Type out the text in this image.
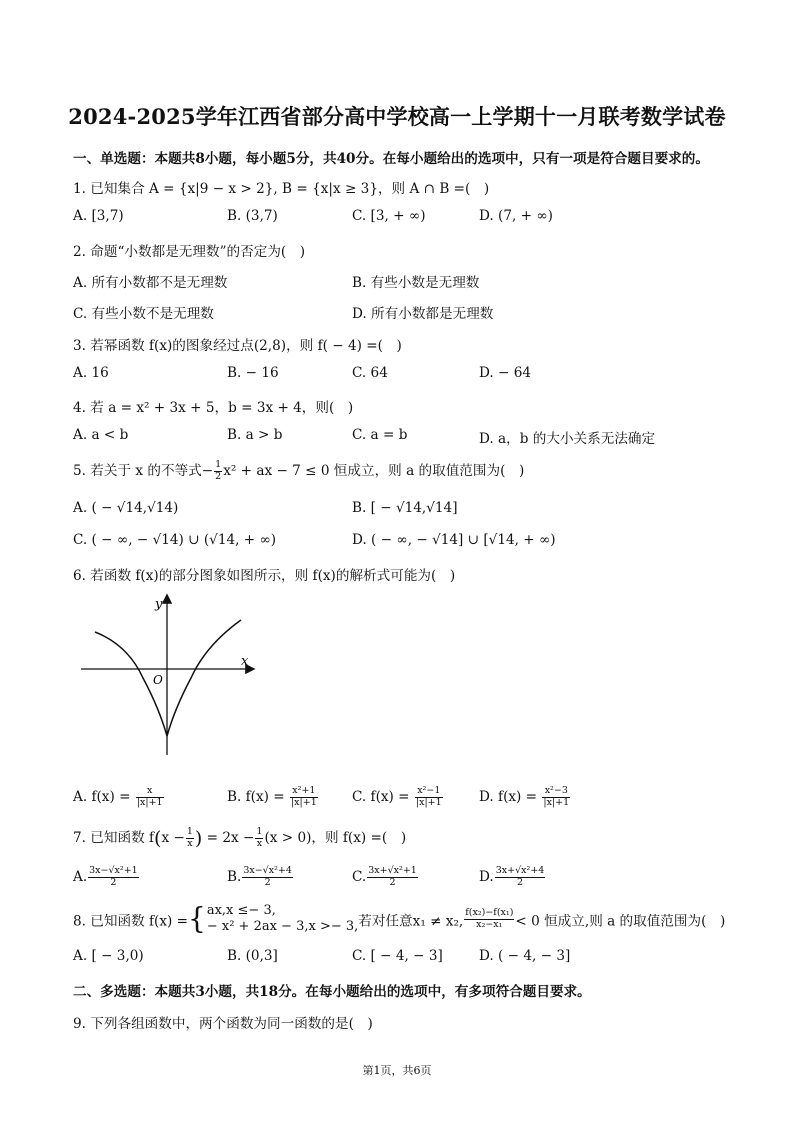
2024-2025学年江西省部分高中学校高一上学期十一月联考数学试卷
一、单选题：本题共8小题，每小题5分，共40分。在每小题给出的选项中，只有一项是符合题目要求的。
1. 已知集合 A = {x|9 − x > 2}, B = {x|x ≥ 3}，则 A ∩ B =(　)
A. [3,7)	B. (3,7)	C. [3, + ∞)	D. (7, + ∞)
2. 命题“小数都是无理数”的否定为(　)
A. 所有小数都不是无理数	B. 有些小数是无理数
C. 有些小数不是无理数	D. 所有小数都是无理数
3. 若幂函数 f(x)的图象经过点(2,8)，则 f( − 4) =(　)
A. 16	B. − 16	C. 64	D. − 64
4. 若 a = x² + 3x + 5，b = 3x + 4，则(　)
A. a < b	B. a > b	C. a = b	D. a，b 的大小关系无法确定
5. 若关于 x 的不等式− $\frac{1}{2} x^2$ + ax − 7 ≤ 0 恒成立，则 a 的取值范围为(　)
A. ( − √14,√14)	B. [ − √14,√14]
C. ( − ∞, − √14) ∪ (√14, + ∞)	D. ( − ∞, − √14] ∪ [√14, + ∞)
6. 若函数 f(x)的部分图象如图所示，则 f(x)的解析式可能为(　)
y
x
O
A. $f(x) = \frac{x}{|x|+1}$	B. $f(x) = \frac{\text{x²+1}}{|x|+1}$	C. $f(x) = \frac{\text{x²−1}}{|x|+1}$	D. $f(x) = \frac{\text{x²−3}}{|x|+1}$
7. 已知函数 $f(x - \frac{1}{x}$ ) = $2x - \frac{1}{x} (x > 0)$，则 f(x) =(　)
A. $\frac{\text{3x−√x²+1}}{2}$	B. $\frac{\text{3x−√x²+4}}{2}$	C. $\frac{\text{3x+√x²+1}}{2}$	D. $\frac{\text{3x+√x²+4}}{2}$
8. 已知函数 f(x) ={ ax,x ≤− 3,
− x² + 2ax − 3,x >− 3, 若对任意x₁ ≠ x₂, $\frac{\text{f(x₂)−f(x₁)}}{\text{x₂−x₁}} < 0$ 恒成立,则 a 的取值范围为(　)
A. [ − 3,0)	B. (0,3]	C. [ − 4, − 3]	D. ( − 4, − 3]
二、多选题：本题共3小题，共18分。在每小题给出的选项中，有多项符合题目要求。
9. 下列各组函数中，两个函数为同一函数的是(　)
第1页，共6页
